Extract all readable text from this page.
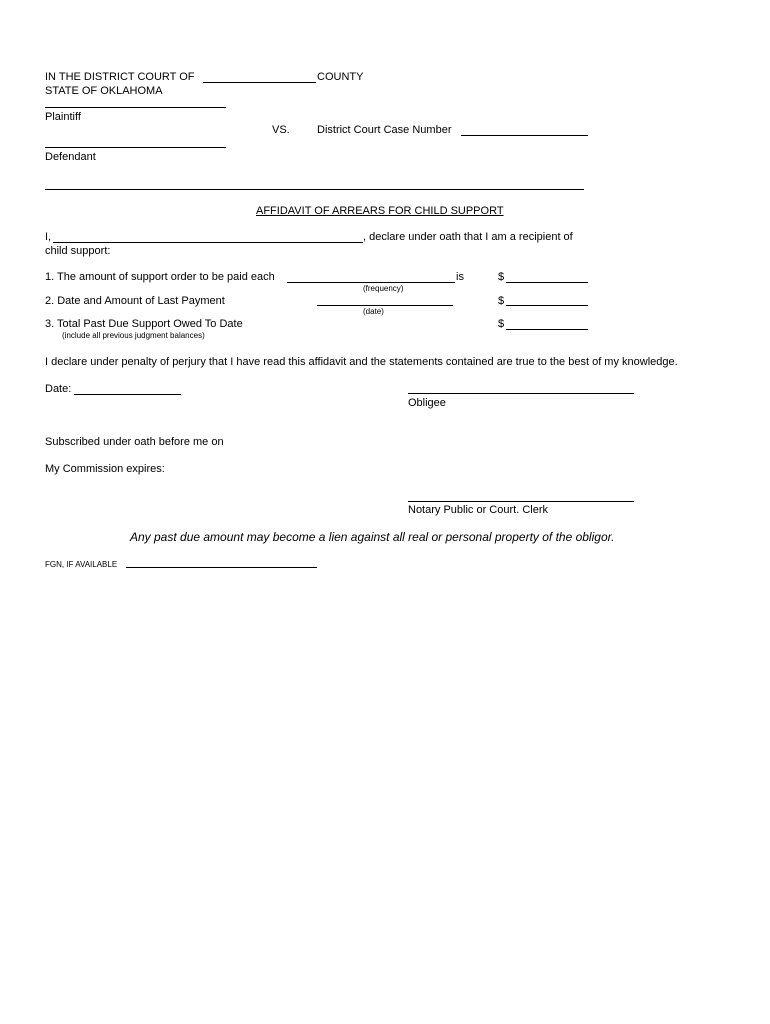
IN THE DISTRICT COURT OF	COUNTY
STATE OF OKLAHOMA
Plaintiff
VS. District Court Case Number
Defendant
AFFIDAVIT OF ARREARS FOR CHILD SUPPORT
I,	, declare under oath that I am a recipient of
child support:
1. The amount of support order to be paid each	is
(frequency)
$
2. Date and Amount of Last Payment
(date)
$
3. Total Past Due Support Owed To Date
(include all previous judgment balances)
$
I declare under penalty of perjury that I have read this affidavit and the statements contained are true to the best of my knowledge.
Date:
Obligee
Subscribed under oath before me on
My Commission expires:
Notary Public or Court. Clerk
Any past due amount may become a lien against all real or personal property of the obligor.
FGN, IF AVAILABLE
